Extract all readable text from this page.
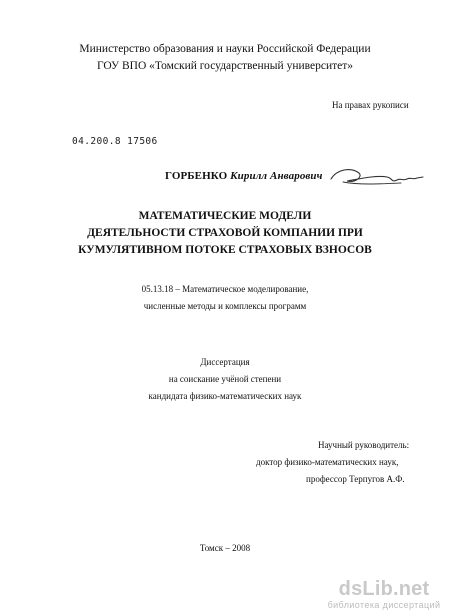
Министерство образования и науки Российской Федерации
ГОУ ВПО «Томский государственный университет»
На правах рукописи
04.200.8 17506
ГОРБЕНКО Кирилл Анварович
МАТЕМАТИЧЕСКИЕ МОДЕЛИ
ДЕЯТЕЛЬНОСТИ СТРАХОВОЙ КОМПАНИИ ПРИ
КУМУЛЯТИВНОМ ПОТОКЕ СТРАХОВЫХ ВЗНОСОВ
05.13.18 – Математическое моделирование,
численные методы и комплексы программ
Диссертация
на соискание учёной степени
кандидата физико-математических наук
Научный руководитель:
доктор физико-математических наук,
профессор Терпугов А.Ф.
Томск – 2008
dsLib.net
библиотека диссертаций
